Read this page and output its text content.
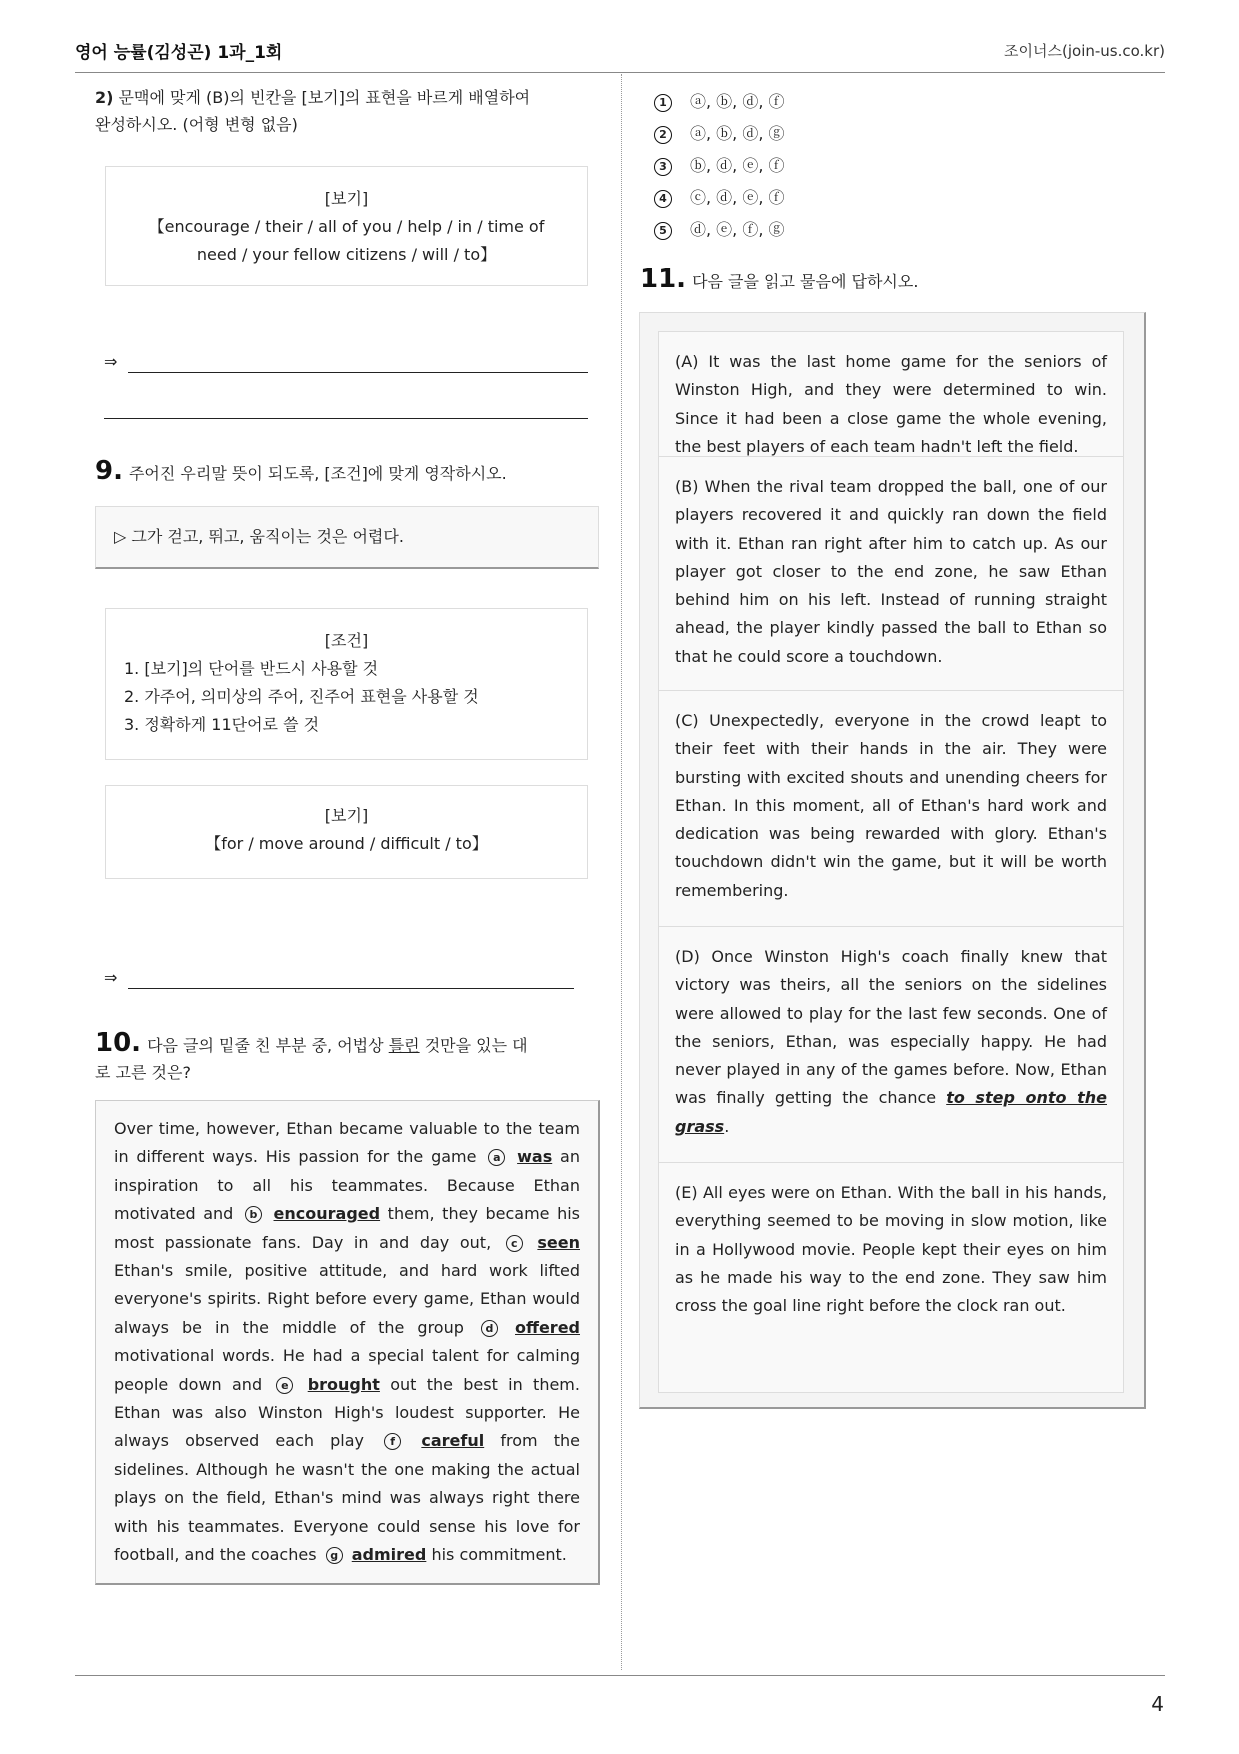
영어 능률(김성곤) 1과_1회	조이너스(join-us.co.kr)
2) 문맥에 맞게 (B)의 빈칸을 [보기]의 표현을 바르게 배열하여
완성하시오. (어형 변형 없음)
[보기]
【encourage / their / all of you / help / in / time of
need / your fellow citizens / will / to】
⇒
9. 주어진 우리말 뜻이 되도록, [조건]에 맞게 영작하시오.
▷ 그가 걷고, 뛰고, 움직이는 것은 어렵다.
[조건]
1. [보기]의 단어를 반드시 사용할 것
2. 가주어, 의미상의 주어, 진주어 표현을 사용할 것
3. 정확하게 11단어로 쓸 것
[보기]
【for / move around / difficult / to】
⇒
10. 다음 글의 밑줄 친 부분 중, 어법상 틀린 것만을 있는 대
로 고른 것은?
Over time, however, Ethan became valuable to the team in different ways. His passion for the game a was an inspiration to all his teammates. Because Ethan motivated and b encouraged them, they became his most passionate fans. Day in and day out, c seen Ethan's smile, positive attitude, and hard work lifted everyone's spirits. Right before every game, Ethan would always be in the middle of the group d offered motivational words. He had a special talent for calming people down and e brought out the best in them. Ethan was also Winston High's loudest supporter. He always observed each play f careful from the sidelines. Although he wasn't the one making the actual plays on the field, Ethan's mind was always right there with his teammates. Everyone could sense his love for football, and the coaches g admired his commitment.
1 ⓐ, ⓑ, ⓓ, ⓕ
2 ⓐ, ⓑ, ⓓ, ⓖ
3 ⓑ, ⓓ, ⓔ, ⓕ
4 ⓒ, ⓓ, ⓔ, ⓕ
5 ⓓ, ⓔ, ⓕ, ⓖ
11. 다음 글을 읽고 물음에 답하시오.
(A) It was the last home game for the seniors of Winston High, and they were determined to win. Since it had been a close game the whole evening, the best players of each team hadn't left the field.
(B) When the rival team dropped the ball, one of our players recovered it and quickly ran down the field with it. Ethan ran right after him to catch up. As our player got closer to the end zone, he saw Ethan behind him on his left. Instead of running straight ahead, the player kindly passed the ball to Ethan so that he could score a touchdown.
(C) Unexpectedly, everyone in the crowd leapt to their feet with their hands in the air. They were bursting with excited shouts and unending cheers for Ethan. In this moment, all of Ethan's hard work and dedication was being rewarded with glory. Ethan's touchdown didn't win the game, but it will be worth remembering.
(D) Once Winston High's coach finally knew that victory was theirs, all the seniors on the sidelines were allowed to play for the last few seconds. One of the seniors, Ethan, was especially happy. He had never played in any of the games before. Now, Ethan was finally getting the chance to step onto the grass.
(E) All eyes were on Ethan. With the ball in his hands, everything seemed to be moving in slow motion, like in a Hollywood movie. People kept their eyes on him as he made his way to the end zone. They saw him cross the goal line right before the clock ran out.
4
